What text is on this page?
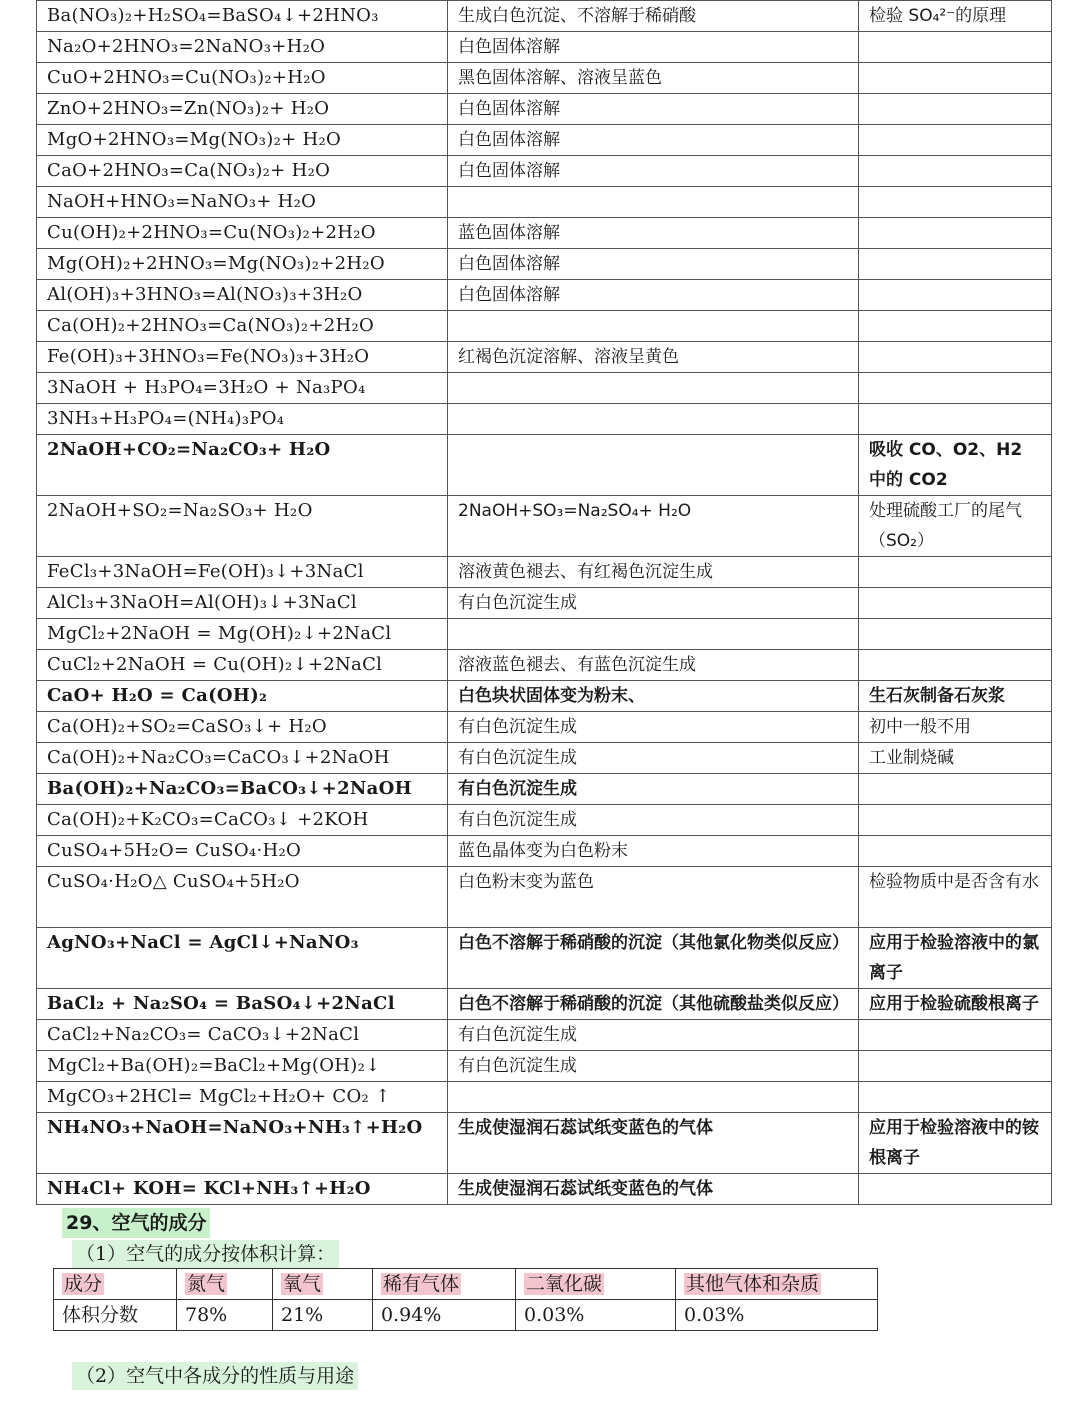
Ba(NO₃)₂+H₂SO₄=BaSO₄↓+2HNO₃	生成白色沉淀、不溶解于稀硝酸	检验 SO₄²⁻的原理
Na₂O+2HNO₃=2NaNO₃+H₂O	白色固体溶解	
CuO+2HNO₃=Cu(NO₃)₂+H₂O	黑色固体溶解、溶液呈蓝色	
ZnO+2HNO₃=Zn(NO₃)₂+ H₂O	白色固体溶解	
MgO+2HNO₃=Mg(NO₃)₂+ H₂O	白色固体溶解	
CaO+2HNO₃=Ca(NO₃)₂+ H₂O	白色固体溶解	
NaOH+HNO₃=NaNO₃+ H₂O		
Cu(OH)₂+2HNO₃=Cu(NO₃)₂+2H₂O	蓝色固体溶解	
Mg(OH)₂+2HNO₃=Mg(NO₃)₂+2H₂O	白色固体溶解	
Al(OH)₃+3HNO₃=Al(NO₃)₃+3H₂O	白色固体溶解	
Ca(OH)₂+2HNO₃=Ca(NO₃)₂+2H₂O		
Fe(OH)₃+3HNO₃=Fe(NO₃)₃+3H₂O	红褐色沉淀溶解、溶液呈黄色	
3NaOH + H₃PO₄=3H₂O + Na₃PO₄		
3NH₃+H₃PO₄=(NH₄)₃PO₄		
2NaOH+CO₂=Na₂CO₃+ H₂O		吸收 CO、O2、H2 中的 CO2
2NaOH+SO₂=Na₂SO₃+ H₂O	2NaOH+SO₃=Na₂SO₄+ H₂O	处理硫酸工厂的尾气（SO₂）
FeCl₃+3NaOH=Fe(OH)₃↓+3NaCl	溶液黄色褪去、有红褐色沉淀生成	
AlCl₃+3NaOH=Al(OH)₃↓+3NaCl	有白色沉淀生成	
MgCl₂+2NaOH = Mg(OH)₂↓+2NaCl		
CuCl₂+2NaOH = Cu(OH)₂↓+2NaCl	溶液蓝色褪去、有蓝色沉淀生成	
CaO+ H₂O = Ca(OH)₂	白色块状固体变为粉末、	生石灰制备石灰浆
Ca(OH)₂+SO₂=CaSO₃↓+ H₂O	有白色沉淀生成	初中一般不用
Ca(OH)₂+Na₂CO₃=CaCO₃↓+2NaOH	有白色沉淀生成	工业制烧碱
Ba(OH)₂+Na₂CO₃=BaCO₃↓+2NaOH	有白色沉淀生成	
Ca(OH)₂+K₂CO₃=CaCO₃↓ +2KOH	有白色沉淀生成	
CuSO₄+5H₂O= CuSO₄·H₂O	蓝色晶体变为白色粉末	
CuSO₄·H₂O△ CuSO₄+5H₂O	白色粉末变为蓝色	检验物质中是否含有水
AgNO₃+NaCl = AgCl↓+NaNO₃	白色不溶解于稀硝酸的沉淀（其他氯化物类似反应）	应用于检验溶液中的氯离子
BaCl₂ + Na₂SO₄ = BaSO₄↓+2NaCl	白色不溶解于稀硝酸的沉淀（其他硫酸盐类似反应）	应用于检验硫酸根离子
CaCl₂+Na₂CO₃= CaCO₃↓+2NaCl	有白色沉淀生成	
MgCl₂+Ba(OH)₂=BaCl₂+Mg(OH)₂↓	有白色沉淀生成	
MgCO₃+2HCl= MgCl₂+H₂O+ CO₂ ↑		
NH₄NO₃+NaOH=NaNO₃+NH₃↑+H₂O	生成使湿润石蕊试纸变蓝色的气体	应用于检验溶液中的铵根离子
NH₄Cl+ KOH= KCl+NH₃↑+H₂O	生成使湿润石蕊试纸变蓝色的气体	
29、空气的成分
（1）空气的成分按体积计算：
成分	氮气	氧气	稀有气体	二氧化碳	其他气体和杂质
体积分数	78%	21%	0.94%	0.03%	0.03%
（2）空气中各成分的性质与用途
